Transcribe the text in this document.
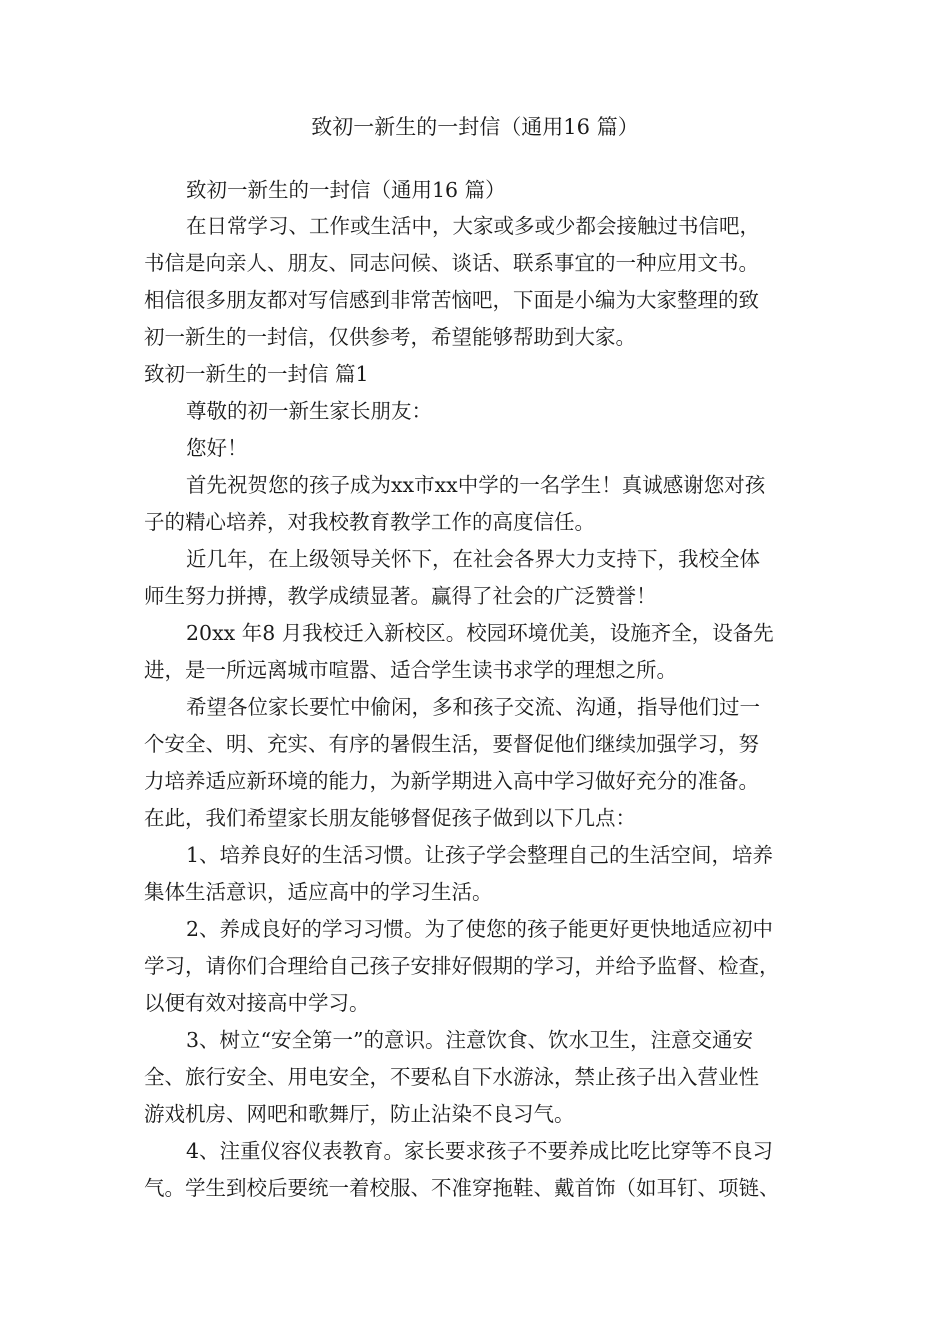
致初一新生的一封信（通用16 篇）
致初一新生的一封信（通用16 篇）
在日常学习、工作或生活中，大家或多或少都会接触过书信吧，
书信是向亲人、朋友、同志问候、谈话、联系事宜的一种应用文书。
相信很多朋友都对写信感到非常苦恼吧，下面是小编为大家整理的致
初一新生的一封信，仅供参考，希望能够帮助到大家。
致初一新生的一封信 篇1
尊敬的初一新生家长朋友：
您好！
首先祝贺您的孩子成为xx市xx中学的一名学生！真诚感谢您对孩
子的精心培养，对我校教育教学工作的高度信任。
近几年，在上级领导关怀下，在社会各界大力支持下，我校全体
师生努力拼搏，教学成绩显著。赢得了社会的广泛赞誉！
20xx 年8 月我校迁入新校区。校园环境优美，设施齐全，设备先
进，是一所远离城市喧嚣、适合学生读书求学的理想之所。
希望各位家长要忙中偷闲，多和孩子交流、沟通，指导他们过一
个安全、明、充实、有序的暑假生活，要督促他们继续加强学习，努
力培养适应新环境的能力，为新学期进入高中学习做好充分的准备。
在此，我们希望家长朋友能够督促孩子做到以下几点：
1、培养良好的生活习惯。让孩子学会整理自己的生活空间，培养
集体生活意识，适应高中的学习生活。
2、养成良好的学习习惯。为了使您的孩子能更好更快地适应初中
学习，请你们合理给自己孩子安排好假期的学习，并给予监督、检查，
以便有效对接高中学习。
3、树立“安全第一”的意识。注意饮食、饮水卫生，注意交通安
全、旅行安全、用电安全，不要私自下水游泳，禁止孩子出入营业性
游戏机房、网吧和歌舞厅，防止沾染不良习气。
4、注重仪容仪表教育。家长要求孩子不要养成比吃比穿等不良习
气。学生到校后要统一着校服、不准穿拖鞋、戴首饰（如耳钉、项链、
